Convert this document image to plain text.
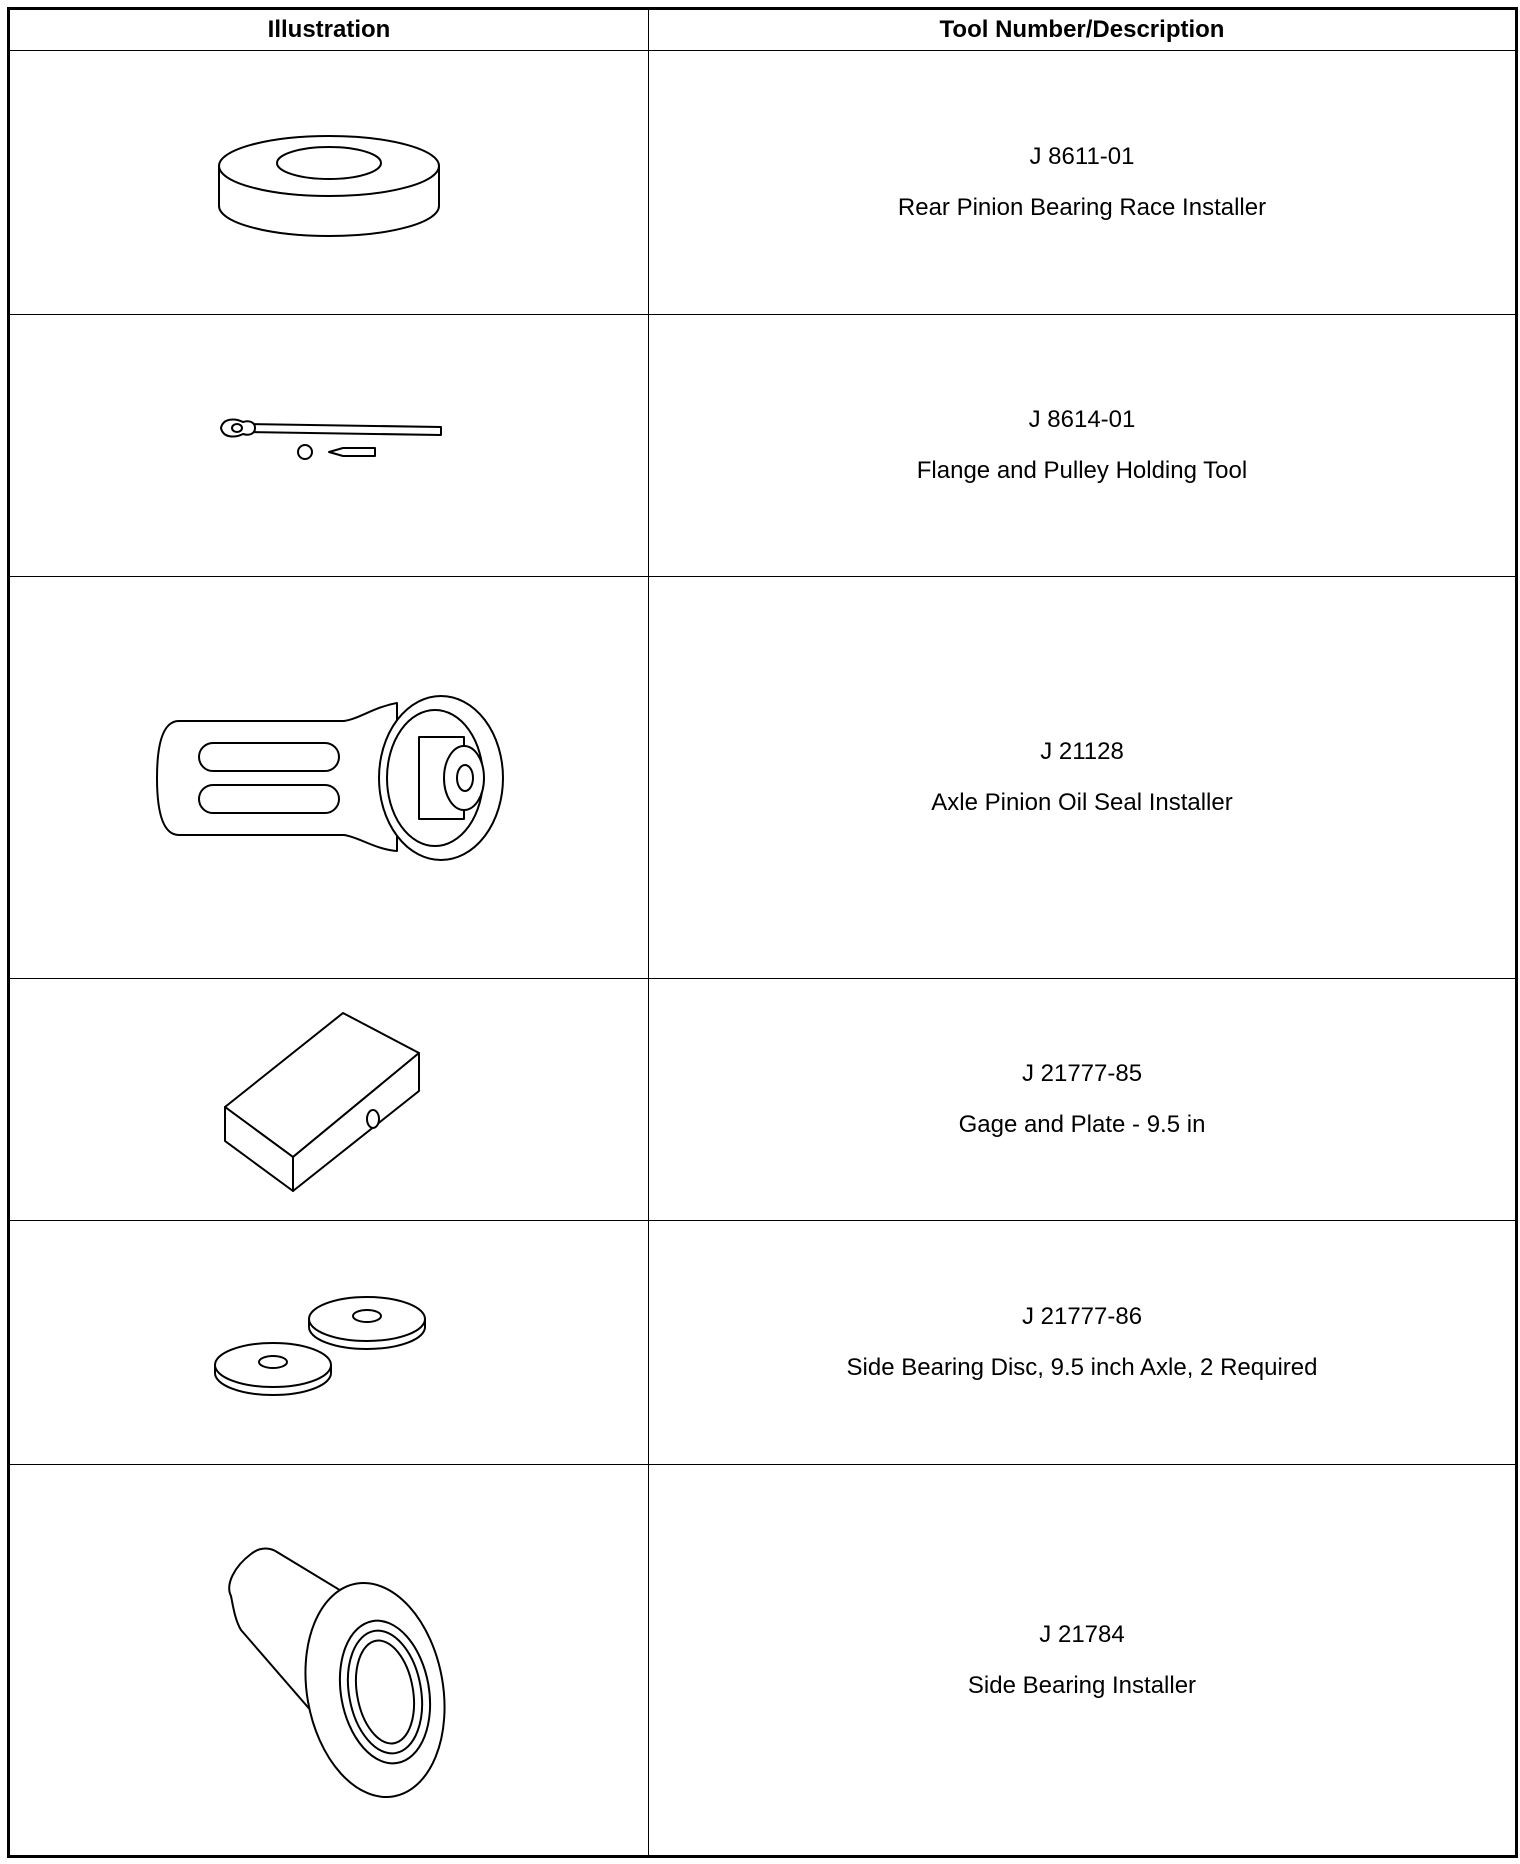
Illustration	Tool Number/Description

J 8611-01
Rear Pinion Bearing Race Installer

J 8614-01
Flange and Pulley Holding Tool

J 21128
Axle Pinion Oil Seal Installer

J 21777-85
Gage and Plate - 9.5 in

J 21777-86
Side Bearing Disc, 9.5 inch Axle, 2 Required

J 21784
Side Bearing Installer
